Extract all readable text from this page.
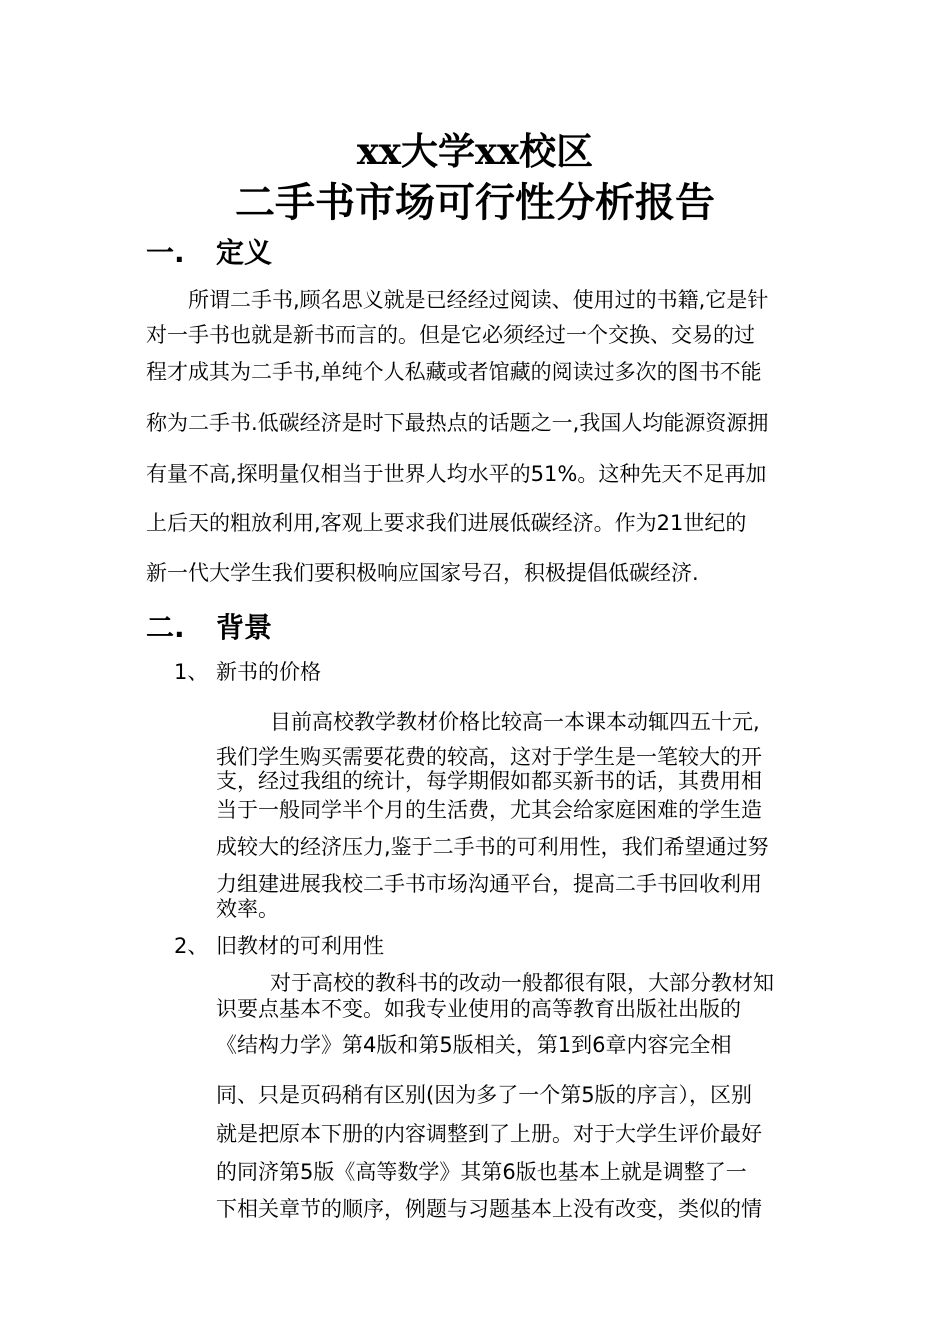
xx大学xx校区
二手书市场可行性分析报告
一. 定义
所谓二手书,顾名思义就是已经经过阅读、使用过的书籍,它是针
对一手书也就是新书而言的。但是它必须经过一个交换、交易的过
程才成其为二手书,单纯个人私藏或者馆藏的阅读过多次的图书不能
称为二手书.低碳经济是时下最热点的话题之一,我国人均能源资源拥
有量不高,探明量仅相当于世界人均水平的51%。这种先天不足再加
上后天的粗放利用,客观上要求我们进展低碳经济。作为21世纪的
新一代大学生我们要积极响应国家号召，积极提倡低碳经济.
二. 背景
1、 新书的价格
目前高校教学教材价格比较高一本课本动辄四五十元,
我们学生购买需要花费的较高，这对于学生是一笔较大的开
支，经过我组的统计，每学期假如都买新书的话，其费用相
当于一般同学半个月的生活费，尤其会给家庭困难的学生造
成较大的经济压力,鉴于二手书的可利用性，我们希望通过努
力组建进展我校二手书市场沟通平台，提高二手书回收利用
效率。
2、 旧教材的可利用性
对于高校的教科书的改动一般都很有限，大部分教材知
识要点基本不变。如我专业使用的高等教育出版社出版的
《结构力学》第4版和第5版相关，第1到6章内容完全相
同、只是页码稍有区别(因为多了一个第5版的序言），区别
就是把原本下册的内容调整到了上册。对于大学生评价最好
的同济第5版《高等数学》其第6版也基本上就是调整了一
下相关章节的顺序，例题与习题基本上没有改变，类似的情
